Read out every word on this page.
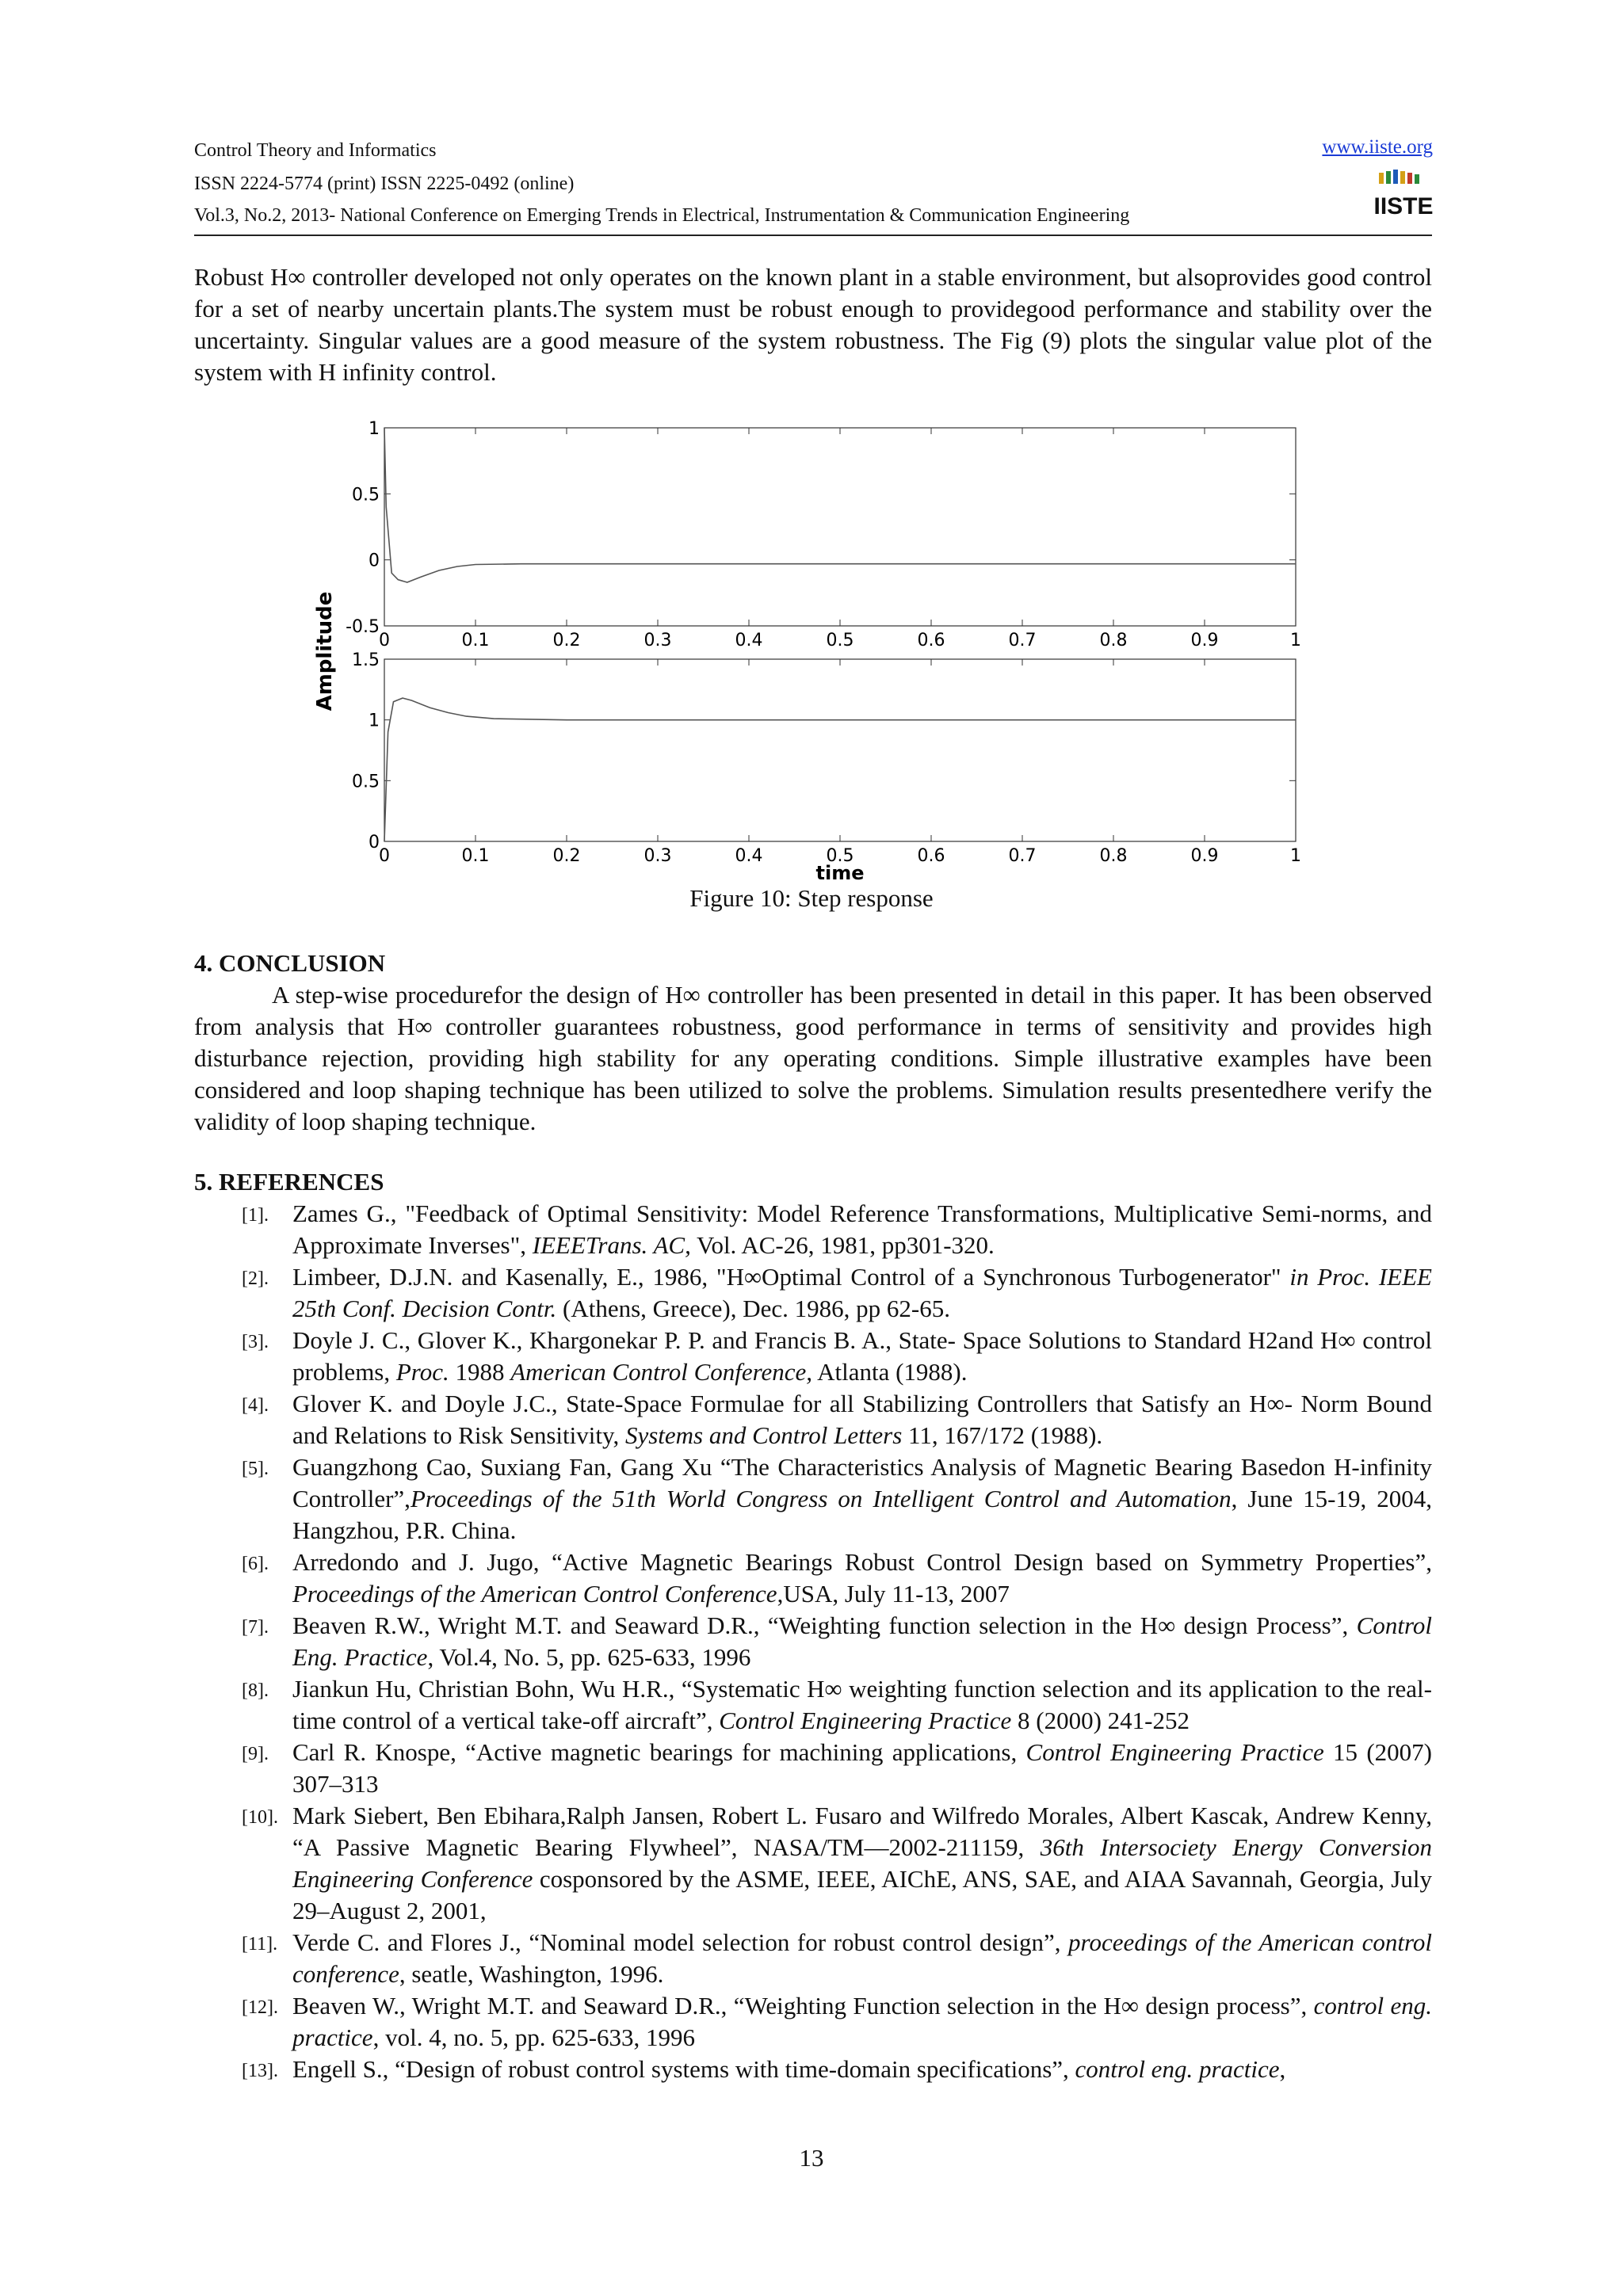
Control Theory and Informatics
ISSN 2224-5774 (print) ISSN 2225-0492 (online)
Vol.3, No.2, 2013- National Conference on Emerging Trends in Electrical, Instrumentation & Communication Engineering
www.iiste.org
IISTE

Robust H∞ controller developed not only operates on the known plant in a stable environment, but alsoprovides good control for a set of nearby uncertain plants.The system must be robust enough to providegood performance and stability over the uncertainty. Singular values are a good measure of the system robustness. The Fig (9) plots the singular value plot of the system with H infinity control.

0	0.1	0.2	0.3	0.4	0.5	0.6	0.7	0.8	0.9	1
1
0.5
0
-0.5
0	0.1	0.2	0.3	0.4	0.5	0.6	0.7	0.8	0.9	1
1.5
1
0.5
0
Amplitude
time
Figure 10: Step response
4. CONCLUSION

A step-wise procedurefor the design of H∞ controller has been presented in detail in this paper. It has been observed from analysis that H∞ controller guarantees robustness, good performance in terms of sensitivity and provides high disturbance rejection, providing high stability for any operating conditions. Simple illustrative examples have been considered and loop shaping technique has been utilized to solve the problems. Simulation results presentedhere verify the validity of loop shaping technique.

5. REFERENCES

[1]. Zames G., "Feedback of Optimal Sensitivity: Model Reference Transformations, Multiplicative Semi-norms, and Approximate Inverses", IEEETrans. AC, Vol. AC-26, 1981, pp301-320.

[2]. Limbeer, D.J.N. and Kasenally, E., 1986, "H∞Optimal Control of a Synchronous Turbogenerator" in Proc. IEEE 25th Conf. Decision Contr. (Athens, Greece), Dec. 1986, pp 62-65.

[3]. Doyle J. C., Glover K., Khargonekar P. P. and Francis B. A., State- Space Solutions to Standard H2and H∞ control problems, Proc. 1988 American Control Conference, Atlanta (1988).

[4]. Glover K. and Doyle J.C., State-Space Formulae for all Stabilizing Controllers that Satisfy an H∞- Norm Bound and Relations to Risk Sensitivity, Systems and Control Letters 11, 167/172 (1988).

[5]. Guangzhong Cao, Suxiang Fan, Gang Xu “The Characteristics Analysis of Magnetic Bearing Basedon H-infinity Controller”,Proceedings of the 51th World Congress on Intelligent Control and Automation, June 15-19, 2004, Hangzhou, P.R. China.

[6]. Arredondo and J. Jugo, “Active Magnetic Bearings Robust Control Design based on Symmetry Properties”, Proceedings of the American Control Conference,USA, July 11-13, 2007

[7]. Beaven R.W., Wright M.T. and Seaward D.R., “Weighting function selection in the H∞ design Process”, Control Eng. Practice, Vol.4, No. 5, pp. 625-633, 1996

[8]. Jiankun Hu, Christian Bohn, Wu H.R., “Systematic H∞ weighting function selection and its application to the real-time control of a vertical take-off aircraft”, Control Engineering Practice 8 (2000) 241-252

[9]. Carl R. Knospe, “Active magnetic bearings for machining applications, Control Engineering Practice 15 (2007) 307–313

[10]. Mark Siebert, Ben Ebihara,Ralph Jansen, Robert L. Fusaro and Wilfredo Morales, Albert Kascak, Andrew Kenny, “A Passive Magnetic Bearing Flywheel”, NASA/TM—2002-211159, 36th Intersociety Energy Conversion Engineering Conference cosponsored by the ASME, IEEE, AIChE, ANS, SAE, and AIAA Savannah, Georgia, July 29–August 2, 2001,

[11]. Verde C. and Flores J., “Nominal model selection for robust control design”, proceedings of the American control conference, seatle, Washington, 1996.

[12]. Beaven W., Wright M.T. and Seaward D.R., “Weighting Function selection in the H∞ design process”, control eng. practice, vol. 4, no. 5, pp. 625-633, 1996

[13]. Engell S., “Design of robust control systems with time-domain specifications”, control eng. practice,

13
